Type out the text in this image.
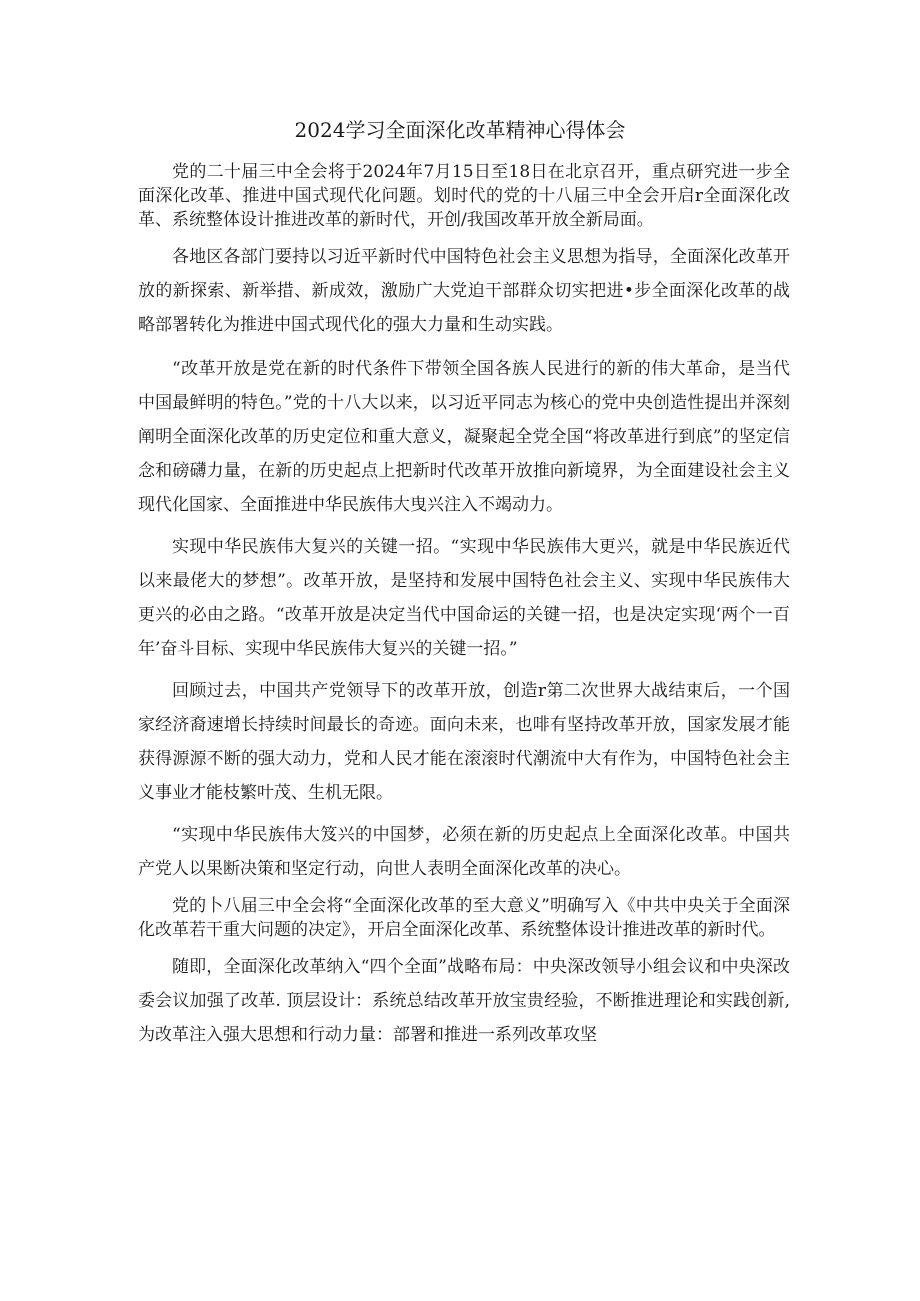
2024学习全面深化改革精神心得体会

党的二十届三中全会将于2024年7月15日至18日在北京召开，重点研究进一步全面深化改革、推进中国式现代化问题。划时代的党的十八届三中全会开启r全面深化改革、系统整体设计推进改革的新时代，开创/我国改革开放全新局面。

各地区各部门要持以习近平新时代中国特色社会主义思想为指导，全面深化改革开放的新探索、新举措、新成效，激励广大党迫干部群众切实把进•步全面深化改革的战略部署转化为推进中国式现代化的强大力量和生动实践。

“改革开放是党在新的时代条件下带领全国各族人民进行的新的伟大革命，是当代中国最鲜明的特色。”党的十八大以来，以习近平同志为核心的党中央创造性提出并深刻阐明全面深化改革的历史定位和重大意义，凝聚起全党全国“将改革进行到底”的坚定信念和磅礴力量，在新的历史起点上把新时代改革开放推向新境界，为全面建设社会主义现代化国家、全面推进中华民族伟大曳兴注入不竭动力。

实现中华民族伟大复兴的关键一招。“实现中华民族伟大更兴，就是中华民族近代以来最佬大的梦想”。改革开放，是坚持和发展中国特色社会主义、实现中华民族伟大更兴的必由之路。“改革开放是决定当代中国命运的关键一招，也是决定实现‘两个一百年’奋斗目标、实现中华民族伟大复兴的关键一招。”

回顾过去，中国共产党领导下的改革开放，创造r第二次世界大战结束后，一个国家经济裔速增长持续时间最长的奇迹。面向未来，也啡有坚持改革开放，国家发展才能获得源源不断的强大动力，党和人民才能在滚滚时代潮流中大有作为，中国特色社会主义事业才能枝繁叶茂、生机无限。

“实现中华民族伟大笈兴的中国梦，必须在新的历史起点上全面深化改革。中国共产党人以果断决策和坚定行动，向世人表明全面深化改革的决心。

党的卜八届三中全会将“全面深化改革的至大意义”明确写入《中共中央关于全面深化改革若干重大问题的决定》，开启全面深化改革、系统整体设计推进改革的新时代。

随即，全面深化改革纳入“四个全面”战略布局：中央深改领导小组会议和中央深改委会议加强了改革. 顶层设计：系统总结改革开放宝贵经验，不断推进理论和实践创新, 为改革注入强大思想和行动力量：部署和推进一系列改革攻坚
